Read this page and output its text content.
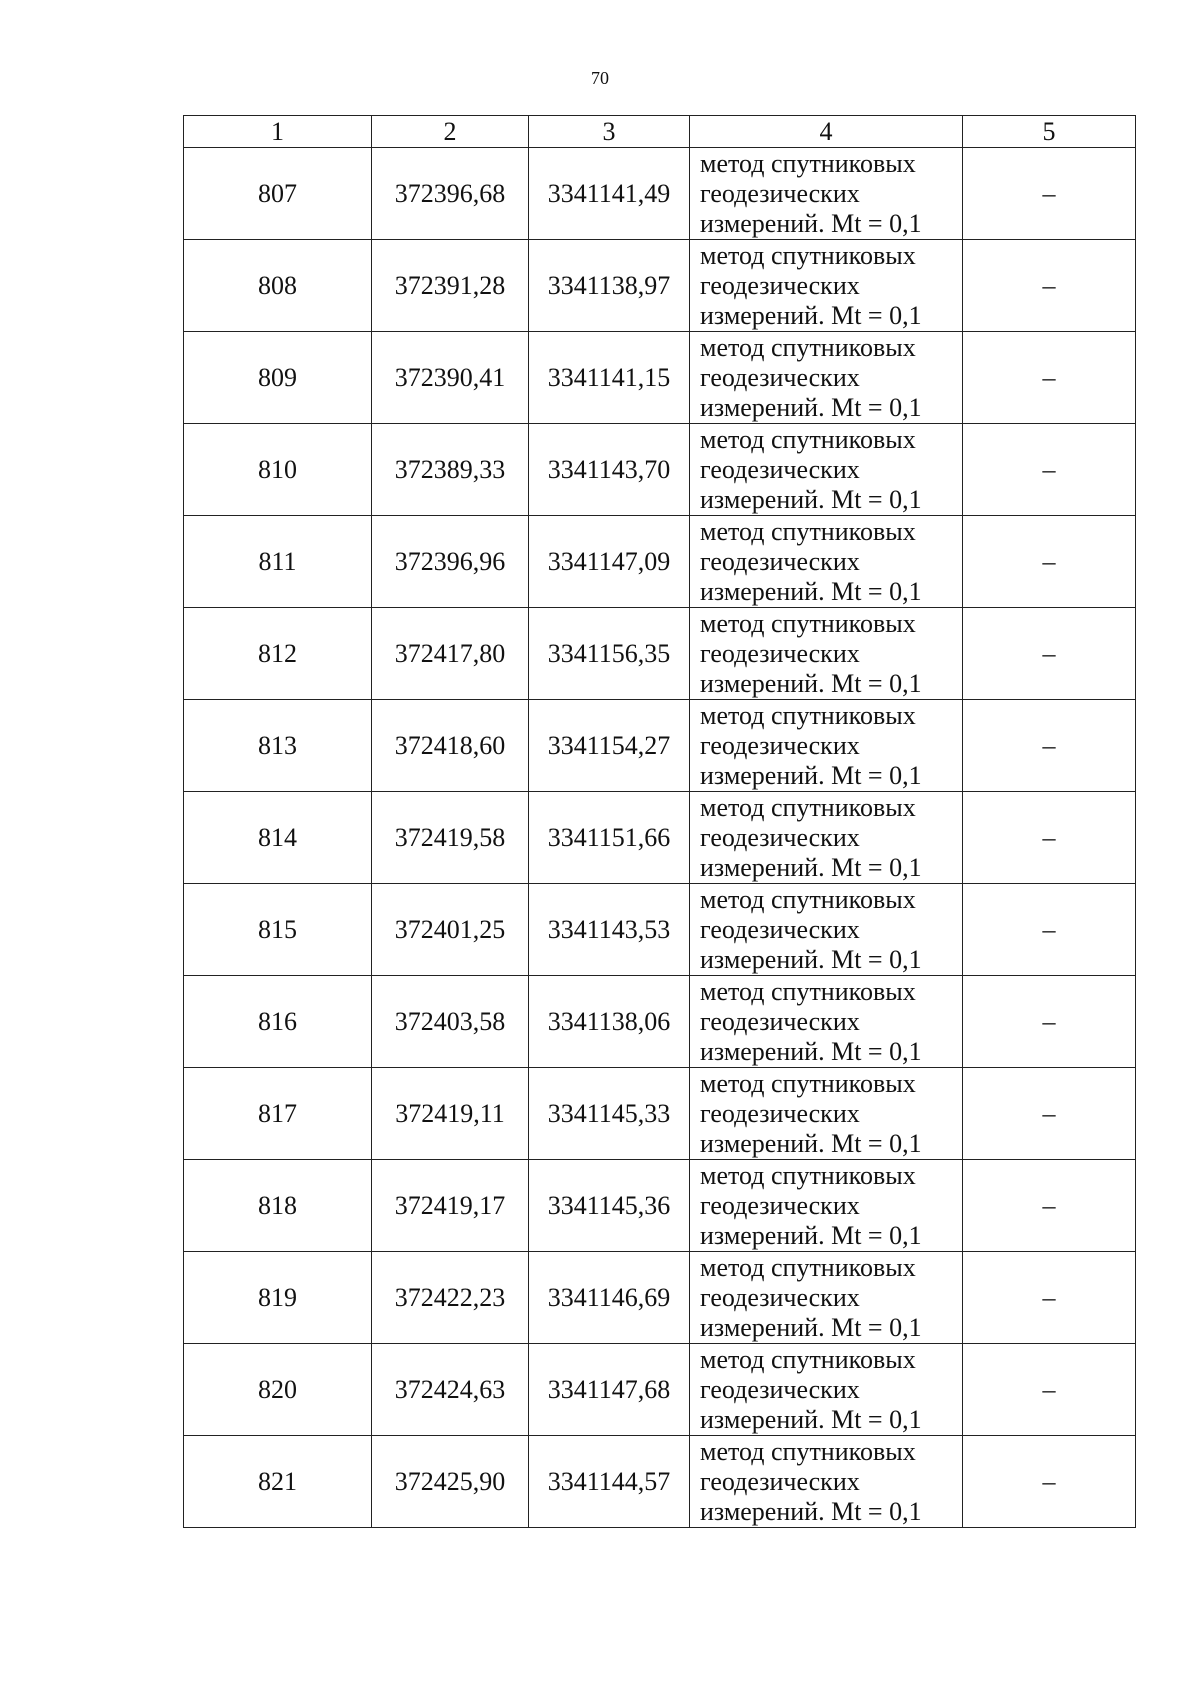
70
1	2	3	4	5
807	372396,68	3341141,49	метод спутниковых
геодезических
измерений. Mt = 0,1	–
808	372391,28	3341138,97	метод спутниковых
геодезических
измерений. Mt = 0,1	–
809	372390,41	3341141,15	метод спутниковых
геодезических
измерений. Mt = 0,1	–
810	372389,33	3341143,70	метод спутниковых
геодезических
измерений. Mt = 0,1	–
811	372396,96	3341147,09	метод спутниковых
геодезических
измерений. Mt = 0,1	–
812	372417,80	3341156,35	метод спутниковых
геодезических
измерений. Mt = 0,1	–
813	372418,60	3341154,27	метод спутниковых
геодезических
измерений. Mt = 0,1	–
814	372419,58	3341151,66	метод спутниковых
геодезических
измерений. Mt = 0,1	–
815	372401,25	3341143,53	метод спутниковых
геодезических
измерений. Mt = 0,1	–
816	372403,58	3341138,06	метод спутниковых
геодезических
измерений. Mt = 0,1	–
817	372419,11	3341145,33	метод спутниковых
геодезических
измерений. Mt = 0,1	–
818	372419,17	3341145,36	метод спутниковых
геодезических
измерений. Mt = 0,1	–
819	372422,23	3341146,69	метод спутниковых
геодезических
измерений. Mt = 0,1	–
820	372424,63	3341147,68	метод спутниковых
геодезических
измерений. Mt = 0,1	–
821	372425,90	3341144,57	метод спутниковых
геодезических
измерений. Mt = 0,1	–
